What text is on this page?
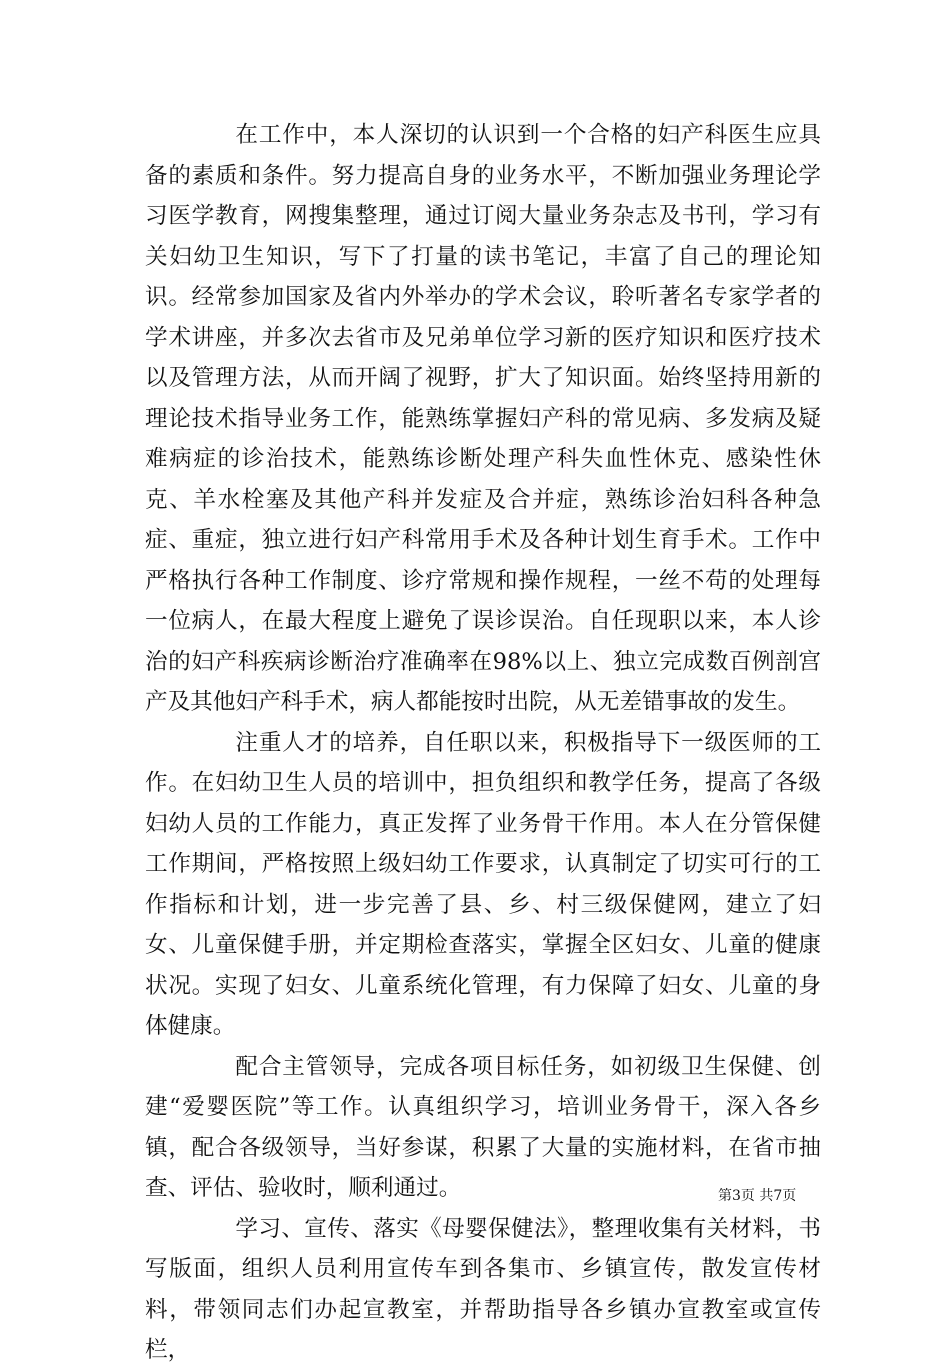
在工作中，本人深切的认识到一个合格的妇产科医生应具备的素质和条件。努力提高自身的业务水平，不断加强业务理论学习医学教育，网搜集整理，通过订阅大量业务杂志及书刊，学习有关妇幼卫生知识，写下了打量的读书笔记，丰富了自己的理论知识。经常参加国家及省内外举办的学术会议，聆听著名专家学者的学术讲座，并多次去省市及兄弟单位学习新的医疗知识和医疗技术以及管理方法，从而开阔了视野，扩大了知识面。始终坚持用新的理论技术指导业务工作，能熟练掌握妇产科的常见病、多发病及疑难病症的诊治技术，能熟练诊断处理产科失血性休克、感染性休克、羊水栓塞及其他产科并发症及合并症，熟练诊治妇科各种急症、重症，独立进行妇产科常用手术及各种计划生育手术。工作中严格执行各种工作制度、诊疗常规和操作规程，一丝不苟的处理每一位病人，在最大程度上避免了误诊误治。自任现职以来，本人诊治的妇产科疾病诊断治疗准确率在98%以上、独立完成数百例剖宫产及其他妇产科手术，病人都能按时出院，从无差错事故的发生。

注重人才的培养，自任职以来，积极指导下一级医师的工作。在妇幼卫生人员的培训中，担负组织和教学任务，提高了各级妇幼人员的工作能力，真正发挥了业务骨干作用。本人在分管保健工作期间，严格按照上级妇幼工作要求，认真制定了切实可行的工作指标和计划，进一步完善了县、乡、村三级保健网，建立了妇女、儿童保健手册，并定期检查落实，掌握全区妇女、儿童的健康状况。实现了妇女、儿童系统化管理，有力保障了妇女、儿童的身体健康。

配合主管领导，完成各项目标任务，如初级卫生保健、创建“爱婴医院”等工作。认真组织学习，培训业务骨干，深入各乡镇，配合各级领导，当好参谋，积累了大量的实施材料，在省市抽查、评估、验收时，顺利通过。

学习、宣传、落实《母婴保健法》，整理收集有关材料，书写版面，组织人员利用宣传车到各集市、乡镇宣传，散发宣传材料，带领同志们办起宣教室，并帮助指导各乡镇办宣教室或宣传栏，

第3页 共7页
